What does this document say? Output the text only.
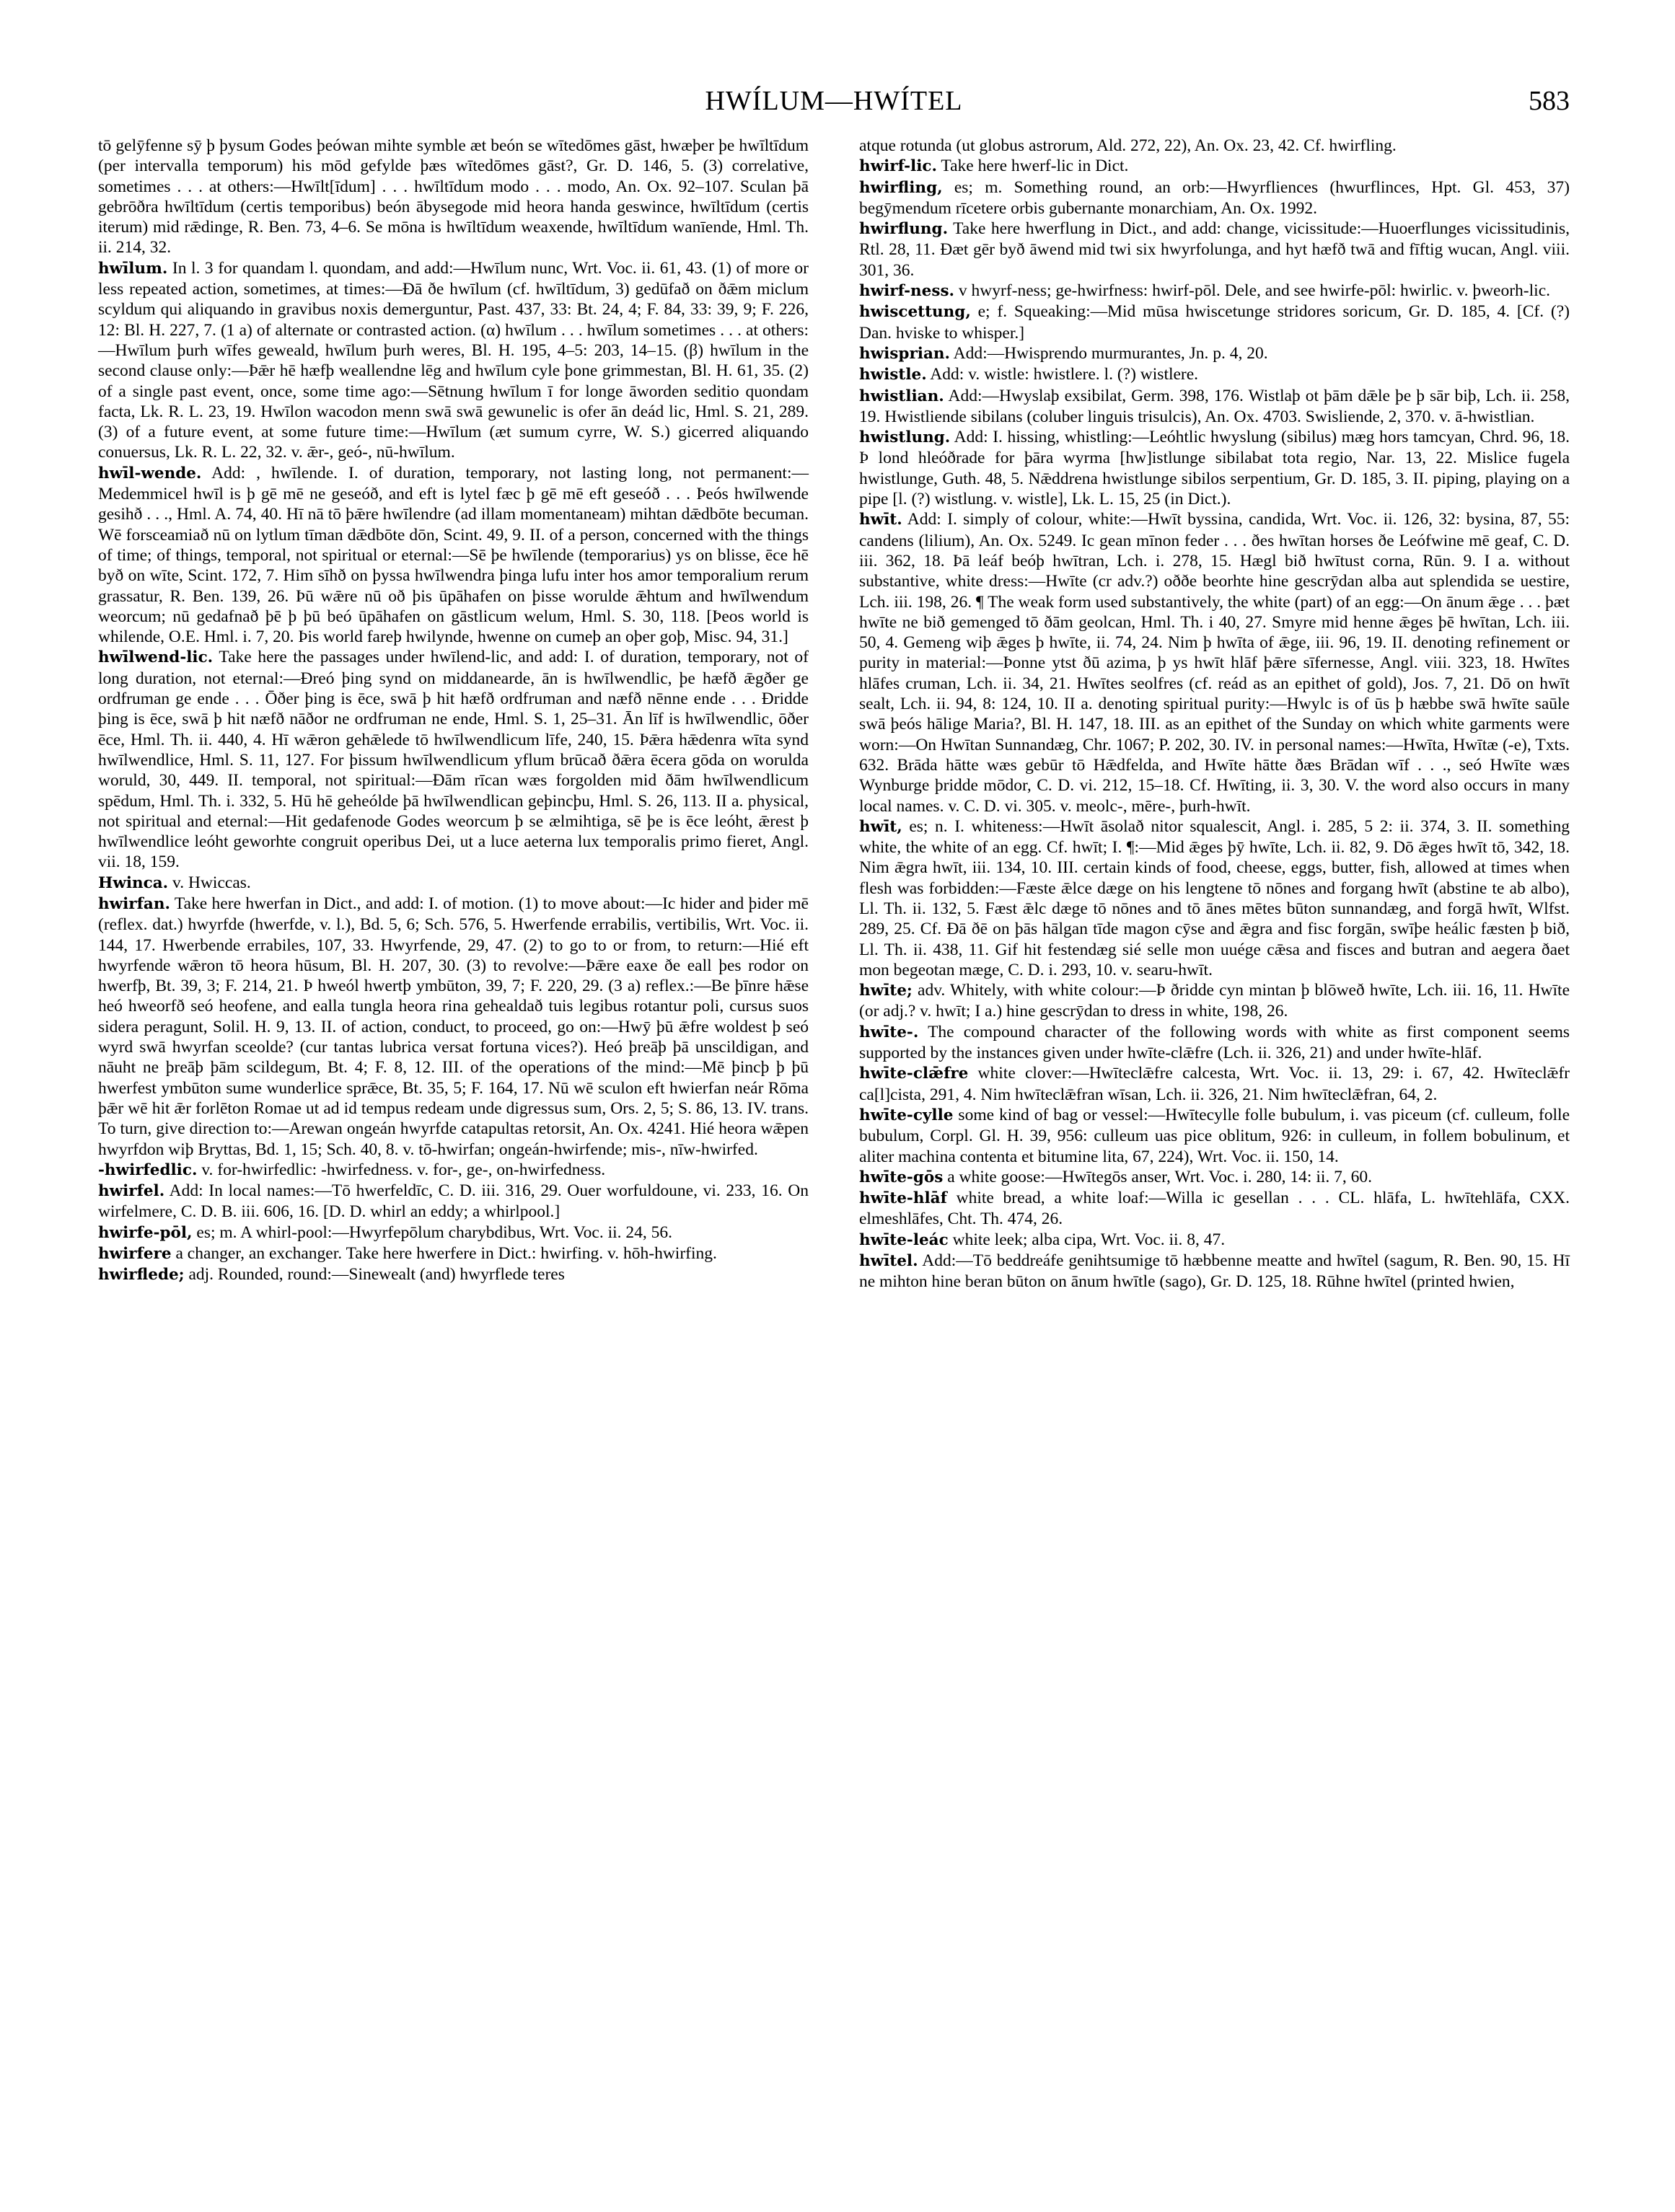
HWÍLUM—HWÍTEL	583

tō gelȳfenne sȳ þ þysum Godes þeówan mihte symble æt beón se wītedōmes gāst, hwæþer þe hwīltīdum (per intervalla temporum) his mōd gefylde þæs wītedōmes gāst?, Gr. D. 146, 5. (3) correlative, sometimes . . . at others:—Hwīlt[īdum] . . . hwīltīdum modo . . . modo, An. Ox. 92–107. Sculan þā gebrōðra hwīltīdum (certis temporibus) beón ābysegode mid heora handa geswince, hwīltīdum (certis iterum) mid rǣdinge, R. Ben. 73, 4–6. Se mōna is hwīltīdum weaxende, hwīltīdum wanīende, Hml. Th. ii. 214, 32.

hwīlum. In l. 3 for quandam l. quondam, and add:—Hwīlum nunc, Wrt. Voc. ii. 61, 43. (1) of more or less repeated action, sometimes, at times:—Ðā ðe hwīlum (cf. hwīltīdum, 3) gedūfað on ðǣm miclum scyldum qui aliquando in gravibus noxis demerguntur, Past. 437, 33: Bt. 24, 4; F. 84, 33: 39, 9; F. 226, 12: Bl. H. 227, 7. (1 a) of alternate or contrasted action. (α) hwīlum . . . hwīlum sometimes . . . at others:—Hwīlum þurh wīfes geweald, hwīlum þurh weres, Bl. H. 195, 4–5: 203, 14–15. (β) hwīlum in the second clause only:—Þǣr hē hæfþ weallendne lēg and hwīlum cyle þone grimmestan, Bl. H. 61, 35. (2) of a single past event, once, some time ago:—Sētnung hwīlum ī for longe āworden seditio quondam facta, Lk. R. L. 23, 19. Hwīlon wacodon menn swā swā gewunelic is ofer ān deád lic, Hml. S. 21, 289. (3) of a future event, at some future time:—Hwīlum (æt sumum cyrre, W. S.) gicerred aliquando conuersus, Lk. R. L. 22, 32. v. ǣr-, geó-, nū-hwīlum.

hwīl-wende. Add: , hwīlende. I. of duration, temporary, not lasting long, not permanent:—Medemmicel hwīl is þ gē mē ne geseóð, and eft is lytel fæc þ gē mē eft geseóð . . . Þeós hwīlwende gesihð . . ., Hml. A. 74, 40. Hī nā tō þǣre hwīlendre (ad illam momentaneam) mihtan dǣdbōte becuman. Wē forsceamiað nū on lytlum tīman dǣdbōte dōn, Scint. 49, 9. II. of a person, concerned with the things of time; of things, temporal, not spiritual or eternal:—Sē þe hwīlende (temporarius) ys on blisse, ēce hē byð on wīte, Scint. 172, 7. Him sīhð on þyssa hwīlwendra þinga lufu inter hos amor temporalium rerum grassatur, R. Ben. 139, 26. Þū wǣre nū oð þis ūpāhafen on þisse worulde ǣhtum and hwīlwendum weorcum; nū gedafnað þē þ þū beó ūpāhafen on gāstlicum welum, Hml. S. 30, 118. [Þeos world is whilende, O.E. Hml. i. 7, 20. Þis world fareþ hwilynde, hwenne on cumeþ an oþer goþ, Misc. 94, 31.]

hwīlwend-lic. Take here the passages under hwīlend-lic, and add: I. of duration, temporary, not of long duration, not eternal:—Ðreó þing synd on middanearde, ān is hwīlwendlic, þe hæfð ǣgðer ge ordfruman ge ende . . . Ōðer þing is ēce, swā þ hit hæfð ordfruman and næfð nēnne ende . . . Ðridde þing is ēce, swā þ hit næfð nāðor ne ordfruman ne ende, Hml. S. 1, 25–31. Ān līf is hwīlwendlic, ōðer ēce, Hml. Th. ii. 440, 4. Hī wǣron gehǣlede tō hwīlwendlicum līfe, 240, 15. Þǣra hǣdenra wīta synd hwīlwendlice, Hml. S. 11, 127. For þissum hwīlwendlicum yflum brūcað ðǣra ēcera gōda on worulda woruld, 30, 449. II. temporal, not spiritual:—Ðām rīcan wæs forgolden mid ðām hwīlwendlicum spēdum, Hml. Th. i. 332, 5. Hū hē geheólde þā hwīlwendlican geþincþu, Hml. S. 26, 113. II a. physical, not spiritual and eternal:—Hit gedafenode Godes weorcum þ se ælmihtiga, sē þe is ēce leóht, ǣrest þ hwīlwendlice leóht geworhte congruit operibus Dei, ut a luce aeterna lux temporalis primo fieret, Angl. vii. 18, 159.

Hwinca. v. Hwiccas.

hwirfan. Take here hwerfan in Dict., and add: I. of motion. (1) to move about:—Ic hider and þider mē (reflex. dat.) hwyrfde (hwerfde, v. l.), Bd. 5, 6; Sch. 576, 5. Hwerfende errabilis, vertibilis, Wrt. Voc. ii. 144, 17. Hwerbende errabiles, 107, 33. Hwyrfende, 29, 47. (2) to go to or from, to return:—Hié eft hwyrfende wǣron tō heora hūsum, Bl. H. 207, 30. (3) to revolve:—Þǣre eaxe ðe eall þes rodor on hwerfþ, Bt. 39, 3; F. 214, 21. Þ hweól hwertþ ymbūton, 39, 7; F. 220, 29. (3 a) reflex.:—Be þīnre hǣse heó hweorfð seó heofene, and ealla tungla heora rina gehealdað tuis legibus rotantur poli, cursus suos sidera peragunt, Solil. H. 9, 13. II. of action, conduct, to proceed, go on:—Hwȳ þū ǣfre woldest þ seó wyrd swā hwyrfan sceolde? (cur tantas lubrica versat fortuna vices?). Heó þreāþ þā unscildigan, and nāuht ne þreāþ þām scildegum, Bt. 4; F. 8, 12. III. of the operations of the mind:—Mē þincþ þ þū hwerfest ymbūton sume wunderlice sprǣce, Bt. 35, 5; F. 164, 17. Nū wē sculon eft hwierfan neár Rōma þǣr wē hit ǣr forlēton Romae ut ad id tempus redeam unde digressus sum, Ors. 2, 5; S. 86, 13. IV. trans. To turn, give direction to:—Arewan ongeán hwyrfde catapultas retorsit, An. Ox. 4241. Hié heora wǣpen hwyrfdon wiþ Bryttas, Bd. 1, 15; Sch. 40, 8. v. tō-hwirfan; ongeán-hwirfende; mis-, nīw-hwirfed.

-hwirfedlic. v. for-hwirfedlic: -hwirfedness. v. for-, ge-, on-hwirfedness.

hwirfel. Add: In local names:—Tō hwerfeldīc, C. D. iii. 316, 29. Ouer worfuldoune, vi. 233, 16. On wirfelmere, C. D. B. iii. 606, 16. [D. D. whirl an eddy; a whirlpool.]

hwirfe-pōl, es; m. A whirl-pool:—Hwyrfepōlum charybdibus, Wrt. Voc. ii. 24, 56.

hwirfere a changer, an exchanger. Take here hwerfere in Dict.: hwirfing. v. hōh-hwirfing.

hwirflede; adj. Rounded, round:—Sinewealt (and) hwyrflede teres

atque rotunda (ut globus astrorum, Ald. 272, 22), An. Ox. 23, 42. Cf. hwirfling.

hwirf-lic. Take here hwerf-lic in Dict.

hwirfling, es; m. Something round, an orb:—Hwyrfliences (hwurflinces, Hpt. Gl. 453, 37) begȳmendum rīcetere orbis gubernante monarchiam, An. Ox. 1992.

hwirflung. Take here hwerflung in Dict., and add: change, vicissitude:—Huoerflunges vicissitudinis, Rtl. 28, 11. Ðæt gēr byð āwend mid twi six hwyrfolunga, and hyt hæfð twā and fīftig wucan, Angl. viii. 301, 36.

hwirf-ness. v hwyrf-ness; ge-hwirfness: hwirf-pōl. Dele, and see hwirfe-pōl: hwirlic. v. þweorh-lic.

hwiscettung, e; f. Squeaking:—Mid mūsa hwiscetunge stridores soricum, Gr. D. 185, 4. [Cf. (?) Dan. hviske to whisper.]

hwisprian. Add:—Hwisprendo murmurantes, Jn. p. 4, 20.

hwistle. Add: v. wistle: hwistlere. l. (?) wistlere.

hwistlian. Add:—Hwyslaþ exsibilat, Germ. 398, 176. Wistlaþ ot þām dǣle þe þ sār biþ, Lch. ii. 258, 19. Hwistliende sibilans (coluber linguis trisulcis), An. Ox. 4703. Swisliende, 2, 370. v. ā-hwistlian.

hwistlung. Add: I. hissing, whistling:—Leóhtlic hwyslung (sibilus) mæg hors tamcyan, Chrd. 96, 18. Þ lond hleóðrade for þāra wyrma [hw]istlunge sibilabat tota regio, Nar. 13, 22. Mislice fugela hwistlunge, Guth. 48, 5. Nǣddrena hwistlunge sibilos serpentium, Gr. D. 185, 3. II. piping, playing on a pipe [l. (?) wistlung. v. wistle], Lk. L. 15, 25 (in Dict.).

hwīt. Add: I. simply of colour, white:—Hwīt byssina, candida, Wrt. Voc. ii. 126, 32: bysina, 87, 55: candens (lilium), An. Ox. 5249. Ic gean mīnon feder . . . ðes hwītan horses ðe Leófwine mē geaf, C. D. iii. 362, 18. Þā leáf beóþ hwītran, Lch. i. 278, 15. Hægl bið hwītust corna, Rūn. 9. I a. without substantive, white dress:—Hwīte (cr adv.?) oððe beorhte hine gescrȳdan alba aut splendida se uestire, Lch. iii. 198, 26. ¶ The weak form used substantively, the white (part) of an egg:—On ānum ǣge . . . þæt hwīte ne bið gemenged tō ðām geolcan, Hml. Th. i 40, 27. Smyre mid henne ǣges þē hwītan, Lch. iii. 50, 4. Gemeng wiþ ǣges þ hwīte, ii. 74, 24. Nim þ hwīta of ǣge, iii. 96, 19. II. denoting refinement or purity in material:—Þonne ytst ðū azima, þ ys hwīt hlāf þǣre sīfernesse, Angl. viii. 323, 18. Hwītes hlāfes cruman, Lch. ii. 34, 21. Hwītes seolfres (cf. reád as an epithet of gold), Jos. 7, 21. Dō on hwīt sealt, Lch. ii. 94, 8: 124, 10. II a. denoting spiritual purity:—Hwylc is of ūs þ hæbbe swā hwīte saūle swā þeós hālige Maria?, Bl. H. 147, 18. III. as an epithet of the Sunday on which white garments were worn:—On Hwītan Sunnandæg, Chr. 1067; P. 202, 30. IV. in personal names:—Hwīta, Hwītæ (-e), Txts. 632. Brāda hātte wæs gebūr tō Hǣdfelda, and Hwīte hātte ðæs Brādan wīf . . ., seó Hwīte wæs Wynburge þridde mōdor, C. D. vi. 212, 15–18. Cf. Hwīting, ii. 3, 30. V. the word also occurs in many local names. v. C. D. vi. 305. v. meolc-, mēre-, þurh-hwīt.

hwīt, es; n. I. whiteness:—Hwīt āsolað nitor squalescit, Angl. i. 285, 5 2: ii. 374, 3. II. something white, the white of an egg. Cf. hwīt; I. ¶:—Mid ǣges þȳ hwīte, Lch. ii. 82, 9. Dō ǣges hwīt tō, 342, 18. Nim ǣgra hwīt, iii. 134, 10. III. certain kinds of food, cheese, eggs, butter, fish, allowed at times when flesh was forbidden:—Fæste ǣlce dæge on his lengtene tō nōnes and forgang hwīt (abstine te ab albo), Ll. Th. ii. 132, 5. Fæst ǣlc dæge tō nōnes and tō ānes mētes būton sunnandæg, and forgā hwīt, Wlfst. 289, 25. Cf. Ðā ðē on þās hālgan tīde magon cȳse and ǣgra and fisc forgān, swīþe heálic fæsten þ bið, Ll. Th. ii. 438, 11. Gif hit festendæg sié selle mon uuége cǣsa and fisces and butran and aegera ðaet mon begeotan mæge, C. D. i. 293, 10. v. searu-hwīt.

hwīte; adv. Whitely, with white colour:—Þ ðridde cyn mintan þ blōweð hwīte, Lch. iii. 16, 11. Hwīte (or adj.? v. hwīt; I a.) hine gescrȳdan to dress in white, 198, 26.

hwīte-. The compound character of the following words with white as first component seems supported by the instances given under hwīte-clǣfre (Lch. ii. 326, 21) and under hwīte-hlāf.

hwīte-clǣfre white clover:—Hwīteclǣfre calcesta, Wrt. Voc. ii. 13, 29: i. 67, 42. Hwīteclǣfr ca[l]cista, 291, 4. Nim hwīteclǣfran wīsan, Lch. ii. 326, 21. Nim hwīteclǣfran, 64, 2.

hwīte-cylle some kind of bag or vessel:—Hwītecylle folle bubulum, i. vas piceum (cf. culleum, folle bubulum, Corpl. Gl. H. 39, 956: culleum uas pice oblitum, 926: in culleum, in follem bobulinum, et aliter machina contenta et bitumine lita, 67, 224), Wrt. Voc. ii. 150, 14.

hwīte-gōs a white goose:—Hwītegōs anser, Wrt. Voc. i. 280, 14: ii. 7, 60.

hwīte-hlāf white bread, a white loaf:—Willa ic gesellan . . . CL. hlāfa, L. hwītehlāfa, CXX. elmeshlāfes, Cht. Th. 474, 26.

hwīte-leác white leek; alba cipa, Wrt. Voc. ii. 8, 47.

hwītel. Add:—Tō beddreáfe genihtsumige tō hæbbenne meatte and hwītel (sagum, R. Ben. 90, 15. Hī ne mihton hine beran būton on ānum hwītle (sago), Gr. D. 125, 18. Rūhne hwītel (printed hwien,
